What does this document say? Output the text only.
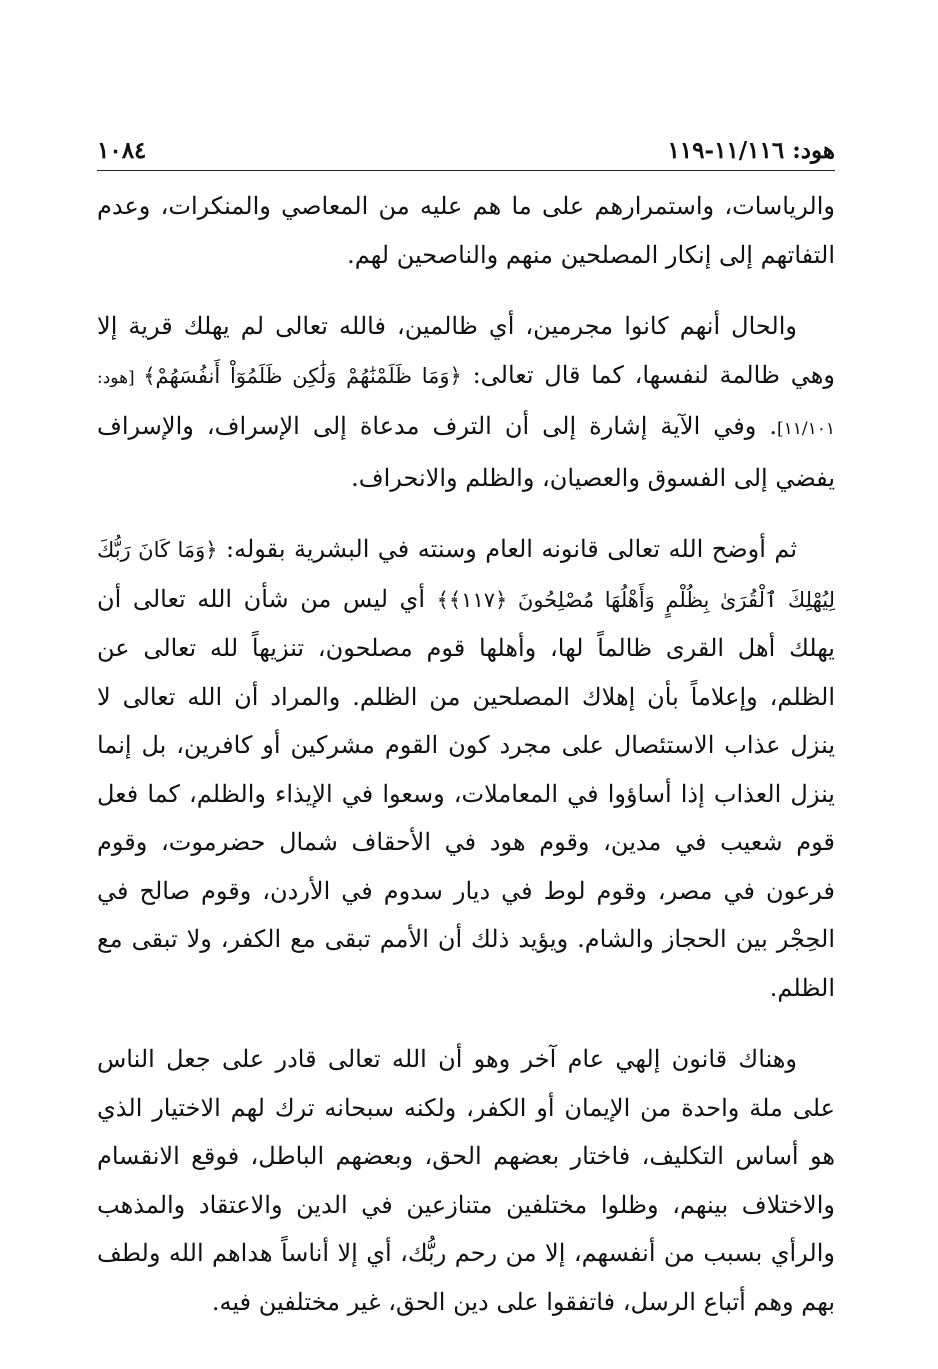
هود: ١١/١١٦-١١٩
١٠٨٤

والرياسات، واستمرارهم على ما هم عليه من المعاصي والمنكرات، وعدم التفاتهم إلى إنكار المصلحين منهم والناصحين لهم.

والحال أنهم كانوا مجرمين، أي ظالمين، فالله تعالى لم يهلك قرية إلا وهي ظالمة لنفسها، كما قال تعالى: ﴿وَمَا ظَلَمْنَٰهُمْ وَلَٰكِن ظَلَمُوٓاْ أَنفُسَهُمْ﴾ [هود: ١١/١٠١]. وفي الآية إشارة إلى أن الترف مدعاة إلى الإسراف، والإسراف يفضي إلى الفسوق والعصيان، والظلم والانحراف.

ثم أوضح الله تعالى قانونه العام وسنته في البشرية بقوله: ﴿وَمَا كَانَ رَبُّكَ لِيُهْلِكَ ٱلْقُرَىٰ بِظُلْمٍ وَأَهْلُهَا مُصْلِحُونَ ﴿١١٧﴾﴾ أي ليس من شأن الله تعالى أن يهلك أهل القرى ظالماً لها، وأهلها قوم مصلحون، تنزيهاً لله تعالى عن الظلم، وإعلاماً بأن إهلاك المصلحين من الظلم. والمراد أن الله تعالى لا ينزل عذاب الاستئصال على مجرد كون القوم مشركين أو كافرين، بل إنما ينزل العذاب إذا أساؤوا في المعاملات، وسعوا في الإيذاء والظلم، كما فعل قوم شعيب في مدين، وقوم هود في الأحقاف شمال حضرموت، وقوم فرعون في مصر، وقوم لوط في ديار سدوم في الأردن، وقوم صالح في الحِجْر بين الحجاز والشام. ويؤيد ذلك أن الأمم تبقى مع الكفر، ولا تبقى مع الظلم.

وهناك قانون إلهي عام آخر وهو أن الله تعالى قادر على جعل الناس على ملة واحدة من الإيمان أو الكفر، ولكنه سبحانه ترك لهم الاختيار الذي هو أساس التكليف، فاختار بعضهم الحق، وبعضهم الباطل، فوقع الانقسام والاختلاف بينهم، وظلوا مختلفين متنازعين في الدين والاعتقاد والمذهب والرأي بسبب من أنفسهم، إلا من رحم ربُّك، أي إلا أناساً هداهم الله ولطف بهم وهم أتباع الرسل، فاتفقوا على دين الحق، غير مختلفين فيه.
